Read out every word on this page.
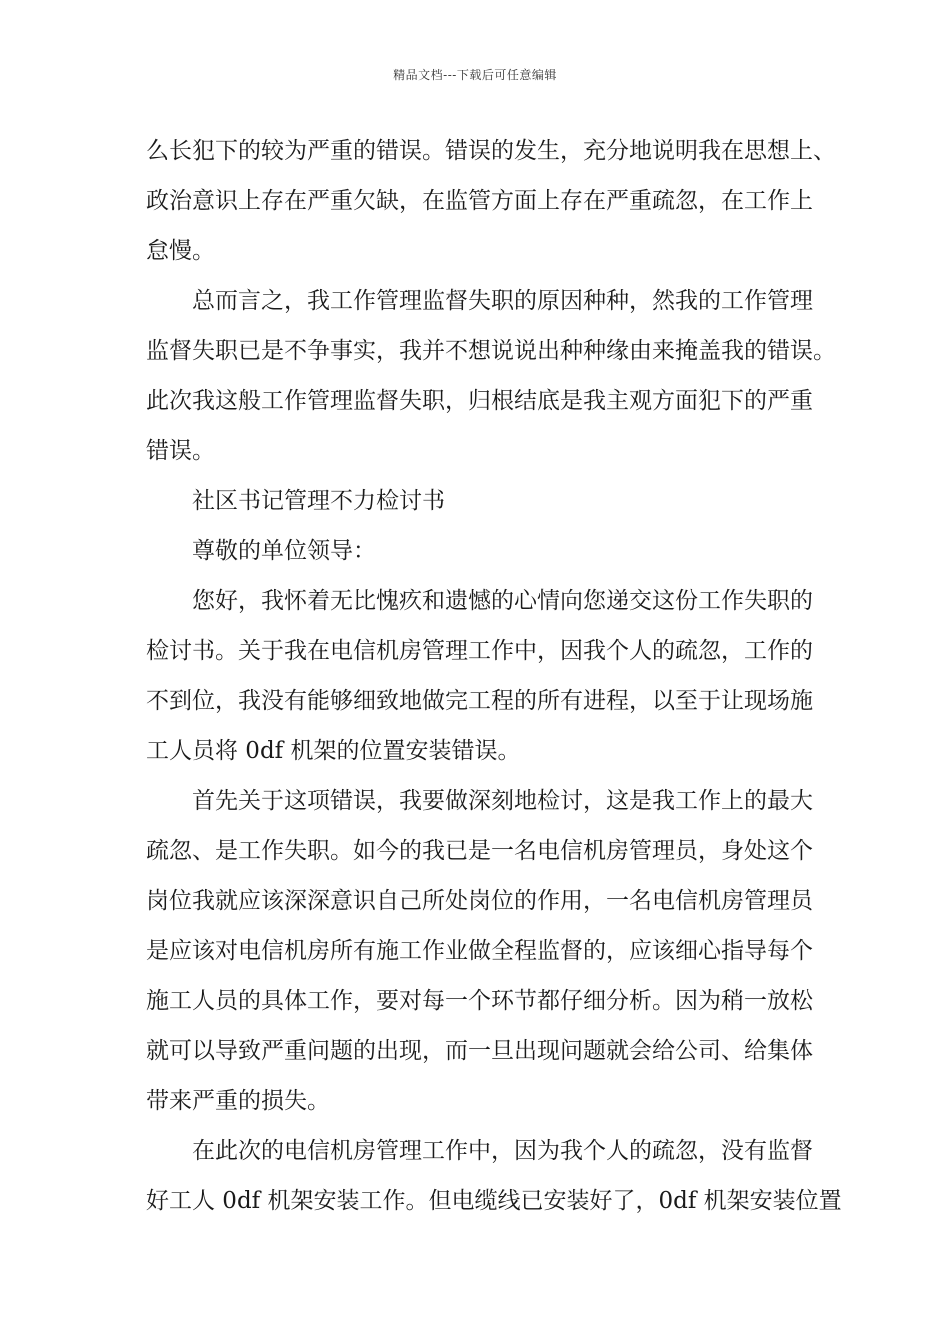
精品文档---下载后可任意编辑
么长犯下的较为严重的错误。错误的发生，充分地说明我在思想上、
政治意识上存在严重欠缺，在监管方面上存在严重疏忽，在工作上
怠慢。
总而言之，我工作管理监督失职的原因种种，然我的工作管理
监督失职已是不争事实，我并不想说说出种种缘由来掩盖我的错误。
此次我这般工作管理监督失职，归根结底是我主观方面犯下的严重
错误。
社区书记管理不力检讨书
尊敬的单位领导：
您好，我怀着无比愧疚和遗憾的心情向您递交这份工作失职的
检讨书。关于我在电信机房管理工作中，因我个人的疏忽，工作的
不到位，我没有能够细致地做完工程的所有进程，以至于让现场施
工人员将 0df 机架的位置安装错误。
首先关于这项错误，我要做深刻地检讨，这是我工作上的最大
疏忽、是工作失职。如今的我已是一名电信机房管理员，身处这个
岗位我就应该深深意识自己所处岗位的作用，一名电信机房管理员
是应该对电信机房所有施工作业做全程监督的，应该细心指导每个
施工人员的具体工作，要对每一个环节都仔细分析。因为稍一放松
就可以导致严重问题的出现，而一旦出现问题就会给公司、给集体
带来严重的损失。
在此次的电信机房管理工作中，因为我个人的疏忽，没有监督
好工人 0df 机架安装工作。但电缆线已安装好了，0df 机架安装位置
